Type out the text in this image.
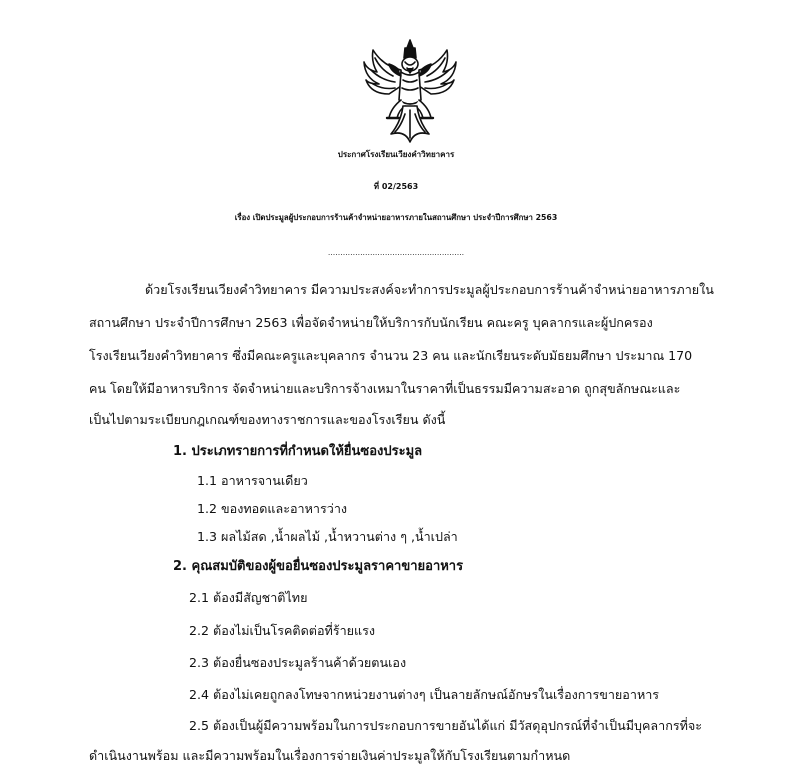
ประกาศโรงเรียนเวียงคำวิทยาคาร
ที่ 02/2563
เรื่อง เปิดประมูลผู้ประกอบการร้านค้าจำหน่ายอาหารภายในสถานศึกษา ประจำปีการศึกษา 2563
.......................................................
ด้วยโรงเรียนเวียงคำวิทยาคาร มีความประสงค์จะทำการประมูลผู้ประกอบการร้านค้าจำหน่ายอาหารภายใน
สถานศึกษา ประจำปีการศึกษา 2563 เพื่อจัดจำหน่ายให้บริการกับนักเรียน คณะครู บุคลากรและผู้ปกครอง
โรงเรียนเวียงคำวิทยาคาร ซึ่งมีคณะครูและบุคลากร จำนวน 23 คน และนักเรียนระดับมัธยมศึกษา ประมาณ 170
คน โดยให้มีอาหารบริการ จัดจำหน่ายและบริการจ้างเหมาในราคาที่เป็นธรรมมีความสะอาด ถูกสุขลักษณะและ
เป็นไปตามระเบียบกฎเกณฑ์ของทางราชการและของโรงเรียน ดังนี้
1. ประเภทรายการที่กำหนดให้ยื่นซองประมูล
1.1 อาหารจานเดียว
1.2 ของทอดและอาหารว่าง
1.3 ผลไม้สด ,น้ำผลไม้ ,น้ำหวานต่าง ๆ ,น้ำเปล่า
2. คุณสมบัติของผู้ขอยื่นซองประมูลราคาขายอาหาร
2.1 ต้องมีสัญชาติไทย
2.2 ต้องไม่เป็นโรคติดต่อที่ร้ายแรง
2.3 ต้องยื่นซองประมูลร้านค้าด้วยตนเอง
2.4 ต้องไม่เคยถูกลงโทษจากหน่วยงานต่างๆ เป็นลายลักษณ์อักษรในเรื่องการขายอาหาร
2.5 ต้องเป็นผู้มีความพร้อมในการประกอบการขายอันได้แก่ มีวัสดุอุปกรณ์ที่จำเป็นมีบุคลากรที่จะ
ดำเนินงานพร้อม และมีความพร้อมในเรื่องการจ่ายเงินค่าประมูลให้กับโรงเรียนตามกำหนด
